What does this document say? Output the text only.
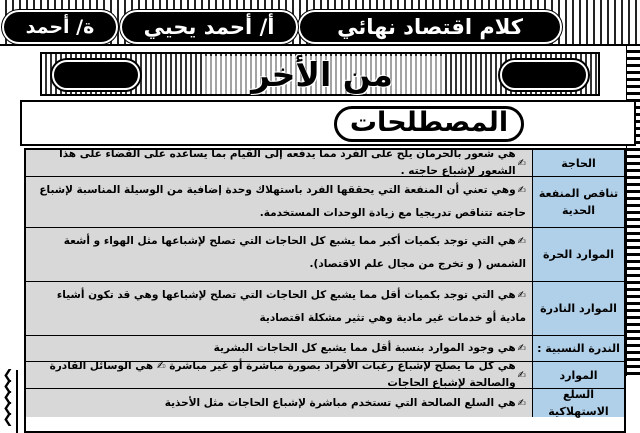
كلام اقتصاد نهائي
أ/ أحمد يحيي
ة/ أحمد
❯
❯
❯
❯
❯
من الأخر
المصطلحات
الحاجة
✍
هي شعور بالحرمان يلح على الفرد مما يدفعه إلى القيام بما يساعده على القضاء على هذا الشعور لإشباع حاجته .
تناقص المنفعة الحدية
✍وهي تعني أن المنفعة التي يحققها الفرد باستهلاك وحدة إضافية من الوسيلة المناسبة لإشباع حاجته تتناقص تدريجيا مع زيادة الوحدات المستخدمة.
الموارد الحرة
✍هي التي توجد بكميات أكبر مما يشبع كل الحاجات التي تصلح لإشباعها مثل الهواء و أشعة الشمس ( و تخرج من مجال علم الاقتصاد).
الموارد النادرة
✍هي التي توجد بكميات أقل مما يشبع كل الحاجات التي تصلح لإشباعها وهي قد تكون أشياء مادية أو خدمات غير مادية وهي تثير مشكلة اقتصادية
الندرة النسبية :
✍
هي وجود الموارد بنسبة أقل مما يشبع كل الحاجات البشرية
الموارد
✍
هي كل ما يصلح لإشباع رغبات الأفراد بصورة مباشرة أو غير مباشرة ✍ هي الوسائل القادرة والصالحة لإشباع الحاجات
السلع الاستهلاكية
✍
هي السلع الصالحة التي تستخدم مباشرة لإشباع الحاجات مثل الأحذية
